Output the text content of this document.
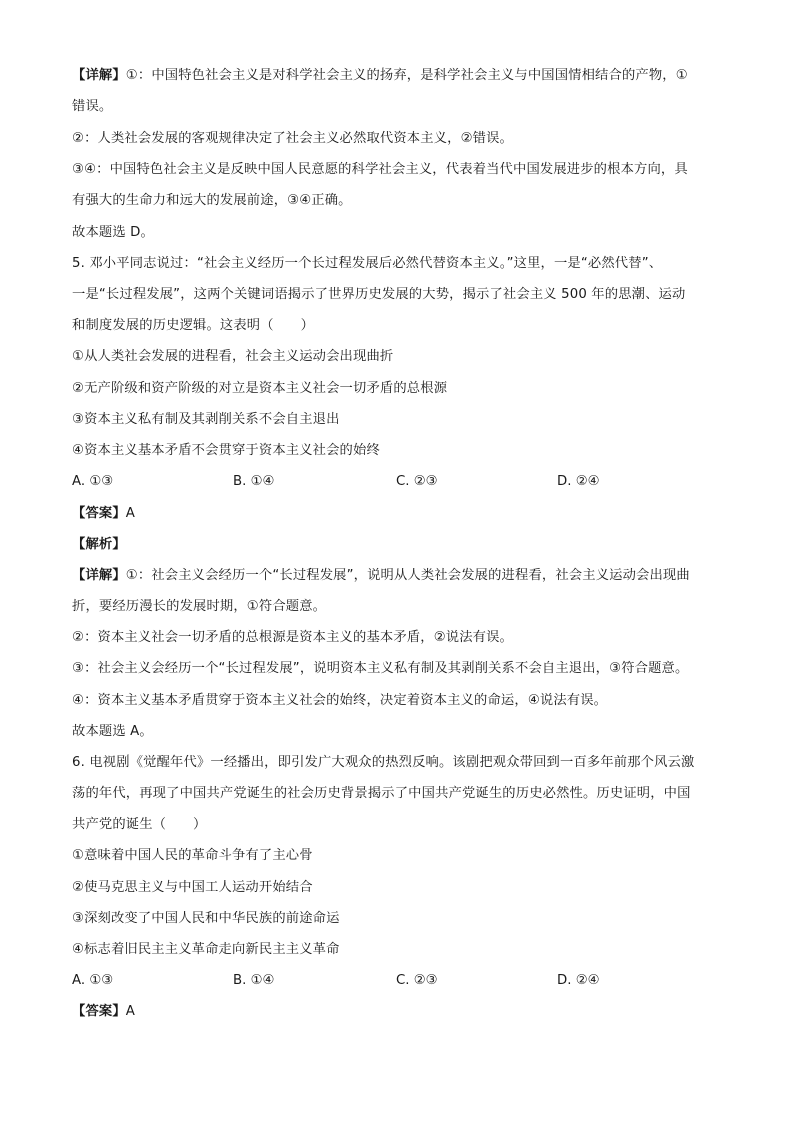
【详解】①：中国特色社会主义是对科学社会主义的扬弃，是科学社会主义与中国国情相结合的产物，①
错误。
②：人类社会发展的客观规律决定了社会主义必然取代资本主义，②错误。
③④：中国特色社会主义是反映中国人民意愿的科学社会主义，代表着当代中国发展进步的根本方向，具
有强大的生命力和远大的发展前途，③④正确。
故本题选 D。
5. 邓小平同志说过：“社会主义经历一个长过程发展后必然代替资本主义。”这里，一是“必然代替”、
一是“长过程发展”，这两个关键词语揭示了世界历史发展的大势，揭示了社会主义 500 年的思潮、运动
和制度发展的历史逻辑。这表明（　　）
①从人类社会发展的进程看，社会主义运动会出现曲折
②无产阶级和资产阶级的对立是资本主义社会一切矛盾的总根源
③资本主义私有制及其剥削关系不会自主退出
④资本主义基本矛盾不会贯穿于资本主义社会的始终
A. ①③	B. ①④	C. ②③	D. ②④
【答案】A
【解析】
【详解】①：社会主义会经历一个“长过程发展”，说明从人类社会发展的进程看，社会主义运动会出现曲
折，要经历漫长的发展时期，①符合题意。
②：资本主义社会一切矛盾的总根源是资本主义的基本矛盾，②说法有误。
③：社会主义会经历一个“长过程发展”，说明资本主义私有制及其剥削关系不会自主退出，③符合题意。
④：资本主义基本矛盾贯穿于资本主义社会的始终，决定着资本主义的命运，④说法有误。
故本题选 A。
6. 电视剧《觉醒年代》一经播出，即引发广大观众的热烈反响。该剧把观众带回到一百多年前那个风云激
荡的年代，再现了中国共产党诞生的社会历史背景揭示了中国共产党诞生的历史必然性。历史证明，中国
共产党的诞生（　　）
①意味着中国人民的革命斗争有了主心骨
②使马克思主义与中国工人运动开始结合
③深刻改变了中国人民和中华民族的前途命运
④标志着旧民主主义革命走向新民主主义革命
A. ①③	B. ①④	C. ②③	D. ②④
【答案】A
